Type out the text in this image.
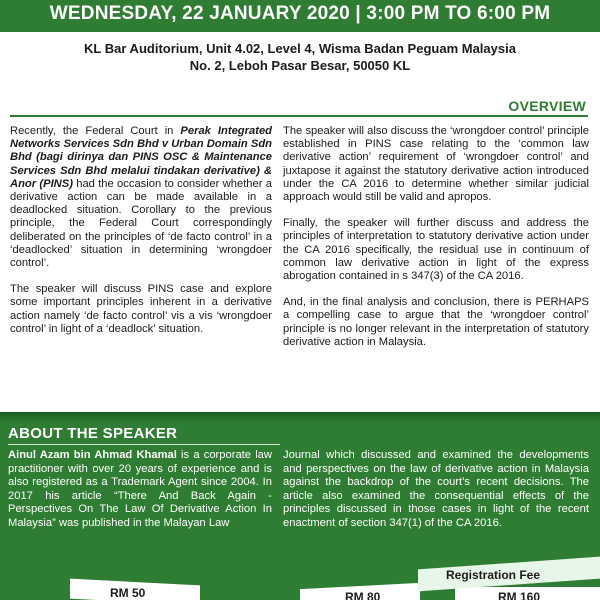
WEDNESDAY, 22 JANUARY 2020 | 3:00 PM TO 6:00 PM
KL Bar Auditorium, Unit 4.02, Level 4, Wisma Badan Peguam Malaysia
No. 2, Leboh Pasar Besar, 50050 KL
OVERVIEW

Recently, the Federal Court in Perak Integrated Networks Services Sdn Bhd v Urban Domain Sdn Bhd (bagi dirinya dan PINS OSC & Maintenance Services Sdn Bhd melalui tindakan derivative) & Anor (PINS) had the occasion to consider whether a derivative action can be made available in a deadlocked situation. Corollary to the previous principle, the Federal Court correspondingly deliberated on the principles of ‘de facto control’ in a ‘deadlocked’ situation in determining ‘wrongdoer control’.

The speaker will discuss PINS case and explore some important principles inherent in a derivative action namely ‘de facto control’ vis a vis ‘wrongdoer control’ in light of a ‘deadlock’ situation.

The speaker will also discuss the ‘wrongdoer control’ principle established in PINS case relating to the ‘common law derivative action’ requirement of ‘wrongdoer control’ and juxtapose it against the statutory derivative action introduced under the CA 2016 to determine whether similar judicial approach would still be valid and apropos.

Finally, the speaker will further discuss and address the principles of interpretation to statutory derivative action under the CA 2016 specifically, the residual use in continuum of common law derivative action in light of the express abrogation contained in s 347(3) of the CA 2016.

And, in the final analysis and conclusion, there is PERHAPS a compelling case to argue that the ‘wrongdoer control’ principle is no longer relevant in the interpretation of statutory derivative action in Malaysia.

ABOUT THE SPEAKER
Ainul Azam bin Ahmad Khamal is a corporate law practitioner with over 20 years of experience and is also registered as a Trademark Agent since 2004. In 2017 his article “There And Back Again - Perspectives On The Law Of Derivative Action In Malaysia” was published in the Malayan Law
Journal which discussed and examined the developments and perspectives on the law of derivative action in Malaysia against the backdrop of the court’s recent decisions. The article also examined the consequential effects of the principles discussed in those cases in light of the recent enactment of section 347(1) of the CA 2016.
Registration Fee
RM 50	RM 80	RM 160
